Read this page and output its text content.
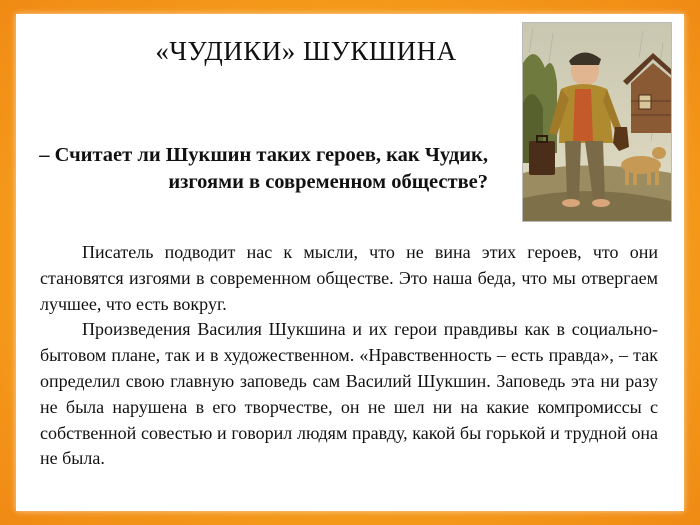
«ЧУДИКИ» ШУКШИНА
– Считает ли Шукшин таких героев, как Чудик, изгоями в современном обществе?

Писатель подводит нас к мысли, что не вина этих героев, что они становятся изгоями в современном обществе. Это наша беда, что мы отвергаем лучшее, что есть вокруг.

Произведения Василия Шукшина и их герои правдивы как в социально-бытовом плане, так и в художественном. «Нравственность – есть правда», – так определил свою главную заповедь сам Василий Шукшин. Заповедь эта ни разу не была нарушена в его творчестве, он не шел ни на какие компромиссы с собственной совестью и говорил людям правду, какой бы горькой и трудной она не была.
